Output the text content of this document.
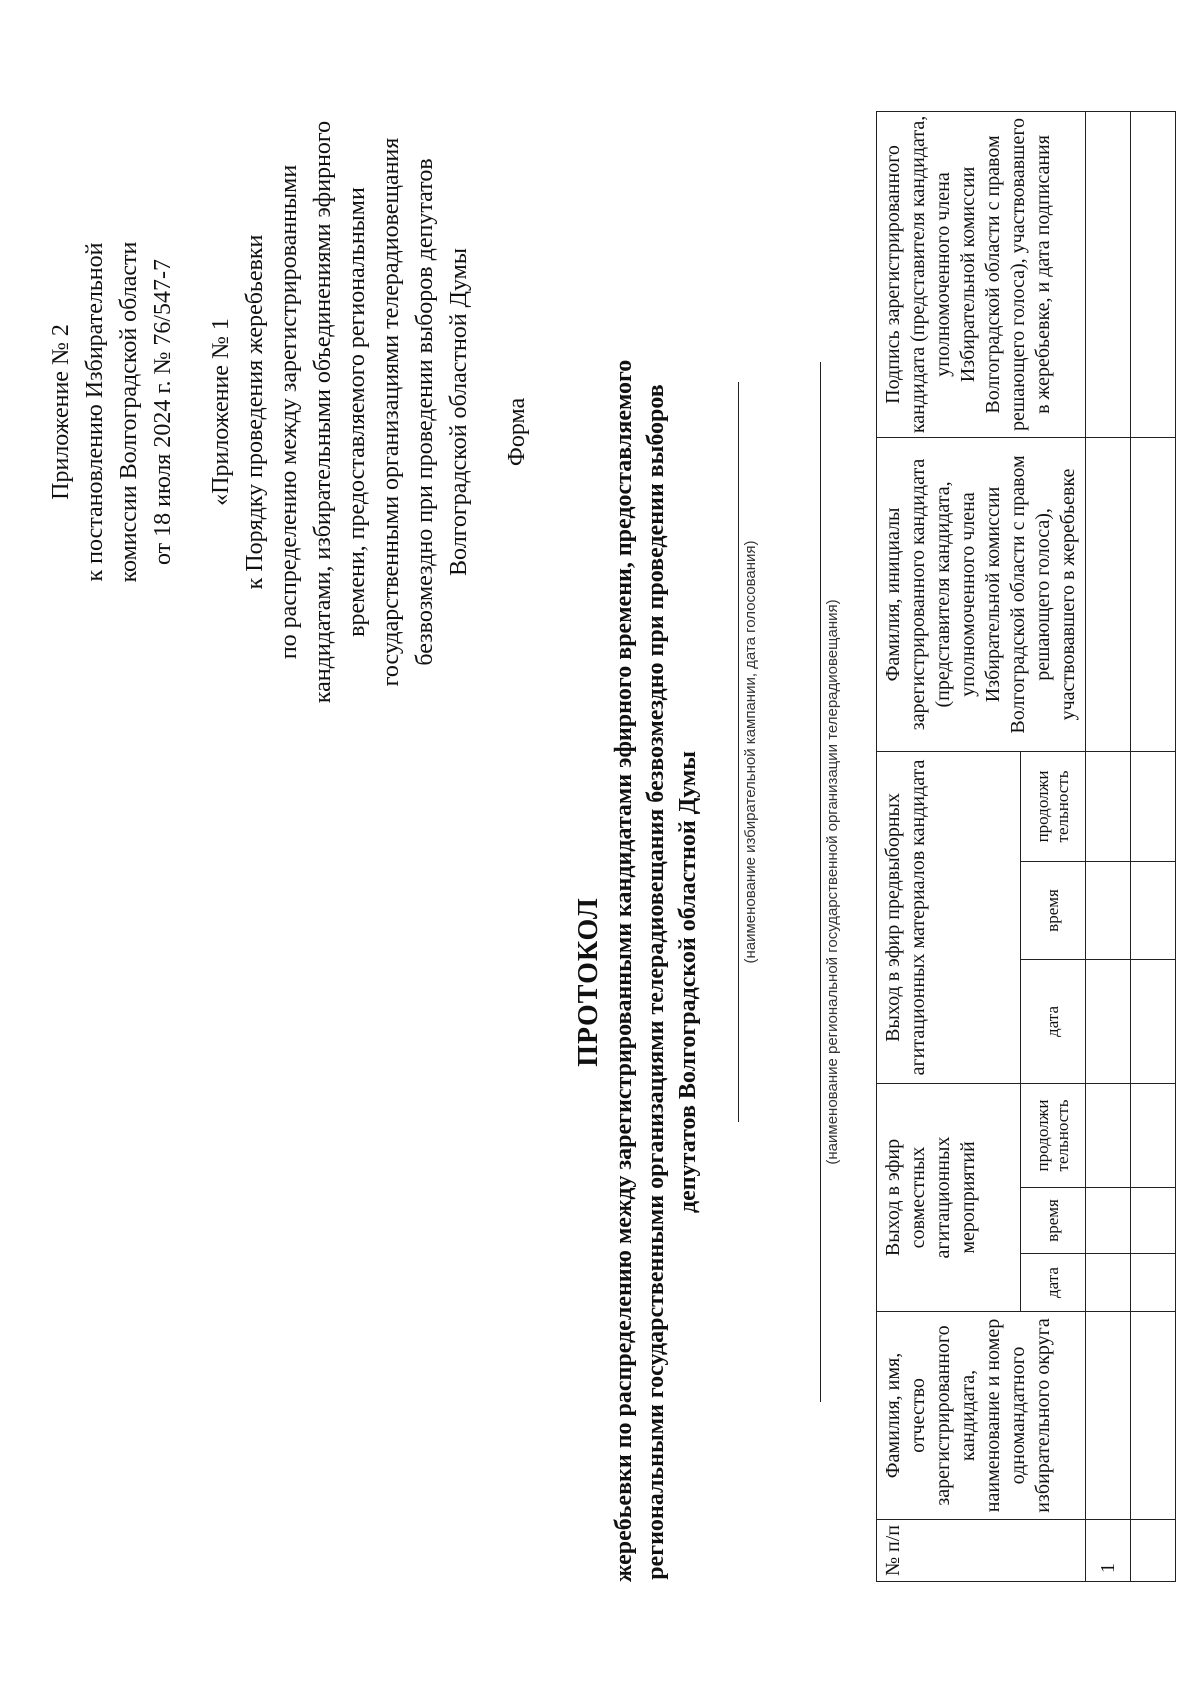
Приложение № 2 к постановлению Избирательной комиссии Волгоградской области от 18 июля 2024 г. № 76/547-7 «Приложение № 1 к Порядку проведения жеребьевки по распределению между зарегистрированными кандидатами, избирательными объединениями эфирного времени, предоставляемого региональными государственными организациями телерадиовещания безвозмездно при проведении выборов депутатов Волгоградской областной Думы Форма
ПРОТОКОЛ жеребьевки по распределению между зарегистрированными кандидатами эфирного времени, предоставляемого региональными государственными организациями телерадиовещания безвозмездно при проведении выборов депутатов Волгоградской областной Думы	(наименование избирательной кампании, дата голосования)	(наименование региональной государственной организации телерадиовещания)
№ п/п	Фамилия, имя, отчество зарегистрированного кандидата, наименование и номер одномандатного избирательного округа	Выход в эфир совместных агитационных мероприятий			Выход в эфир предвыборных агитационных материалов кандидата			Фамилия, инициалы зарегистрированного кандидата (представителя кандидата, уполномоченного члена Избирательной комиссии Волгоградской области с правом решающего голоса), участвовавшего в жеребьевке	Подпись зарегистрированного кандидата (представителя кандидата, уполномоченного члена Избирательной комиссии Волгоградской области с правом решающего голоса), участвовавшего в жеребьевке, и дата подписания
		дата	время	продолжи тельность	дата	время	продолжи тельность		
1									
